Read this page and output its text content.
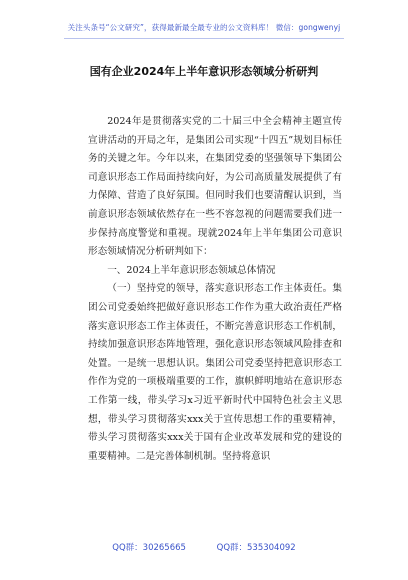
关注头条号“公文研究”，获得最新最全最专业的公文资料库！ 微信：gongwenyj
国有企业2024年上半年意识形态领域分析研判

2024年是贯彻落实党的二十届三中全会精神主题宣传宣讲活动的开局之年，是集团公司实现“十四五”规划目标任务的关键之年。今年以来，在集团党委的坚强领导下集团公司意识形态工作局面持续向好，为公司高质量发展提供了有力保障、营造了良好氛围。但同时我们也要清醒认识到，当前意识形态领域依然存在一些不容忽视的问题需要我们进一步保持高度警觉和重视。现就2024年上半年集团公司意识形态领域情况分析研判如下：

一、2024上半年意识形态领域总体情况

（一）坚持党的领导，落实意识形态工作主体责任。集团公司党委始终把做好意识形态工作作为重大政治责任严格落实意识形态工作主体责任，不断完善意识形态工作机制，持续加强意识形态阵地管理，强化意识形态领域风险排查和处置。一是统一思想认识。集团公司党委坚持把意识形态工作作为党的一项极端重要的工作，旗帜鲜明地站在意识形态工作第一线，带头学习x习近平新时代中国特色社会主义思想，带头学习贯彻落实xxx关于宣传思想工作的重要精神，带头学习贯彻落实xxx关于国有企业改革发展和党的建设的重要精神。二是完善体制机制。坚持将意识

QQ群：30265665	QQ群：535304092
